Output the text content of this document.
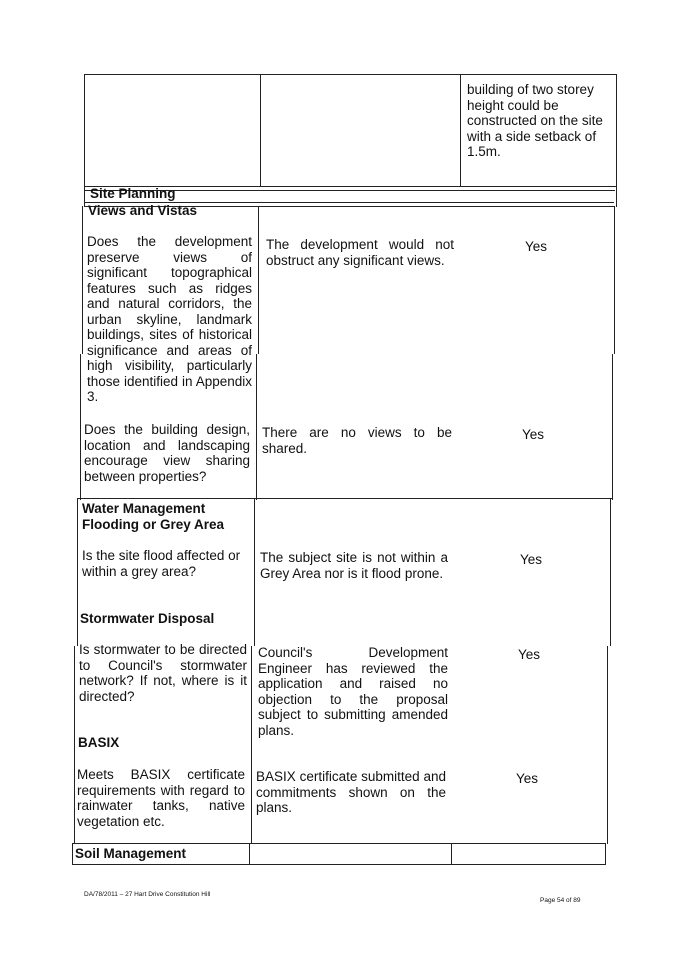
building of two storey height could be constructed on the site with a side setback of 1.5m.

Site Planning

Views and Vistas

Does the development preserve views of significant topographical features such as ridges and natural corridors, the urban skyline, landmark buildings, sites of historical significance and areas of high visibility, particularly those identified in Appendix 3.

The development would not obstruct any significant views.

Yes

Does the building design, location and landscaping encourage view sharing between properties?

There are no views to be shared.

Yes

Water Management

Flooding or Grey Area

Is the site flood affected or within a grey area?

The subject site is not within a Grey Area nor is it flood prone.

Yes

Stormwater Disposal

Is stormwater to be directed to Council's stormwater network? If not, where is it directed?

Council's Development Engineer has reviewed the application and raised no objection to the proposal subject to submitting amended plans.

Yes

BASIX

Meets BASIX certificate requirements with regard to rainwater tanks, native vegetation etc.

BASIX certificate submitted and commitments shown on the plans.

Yes

Soil Management

DA/78/2011 – 27 Hart Drive Constitution Hill
Page 54 of 89
